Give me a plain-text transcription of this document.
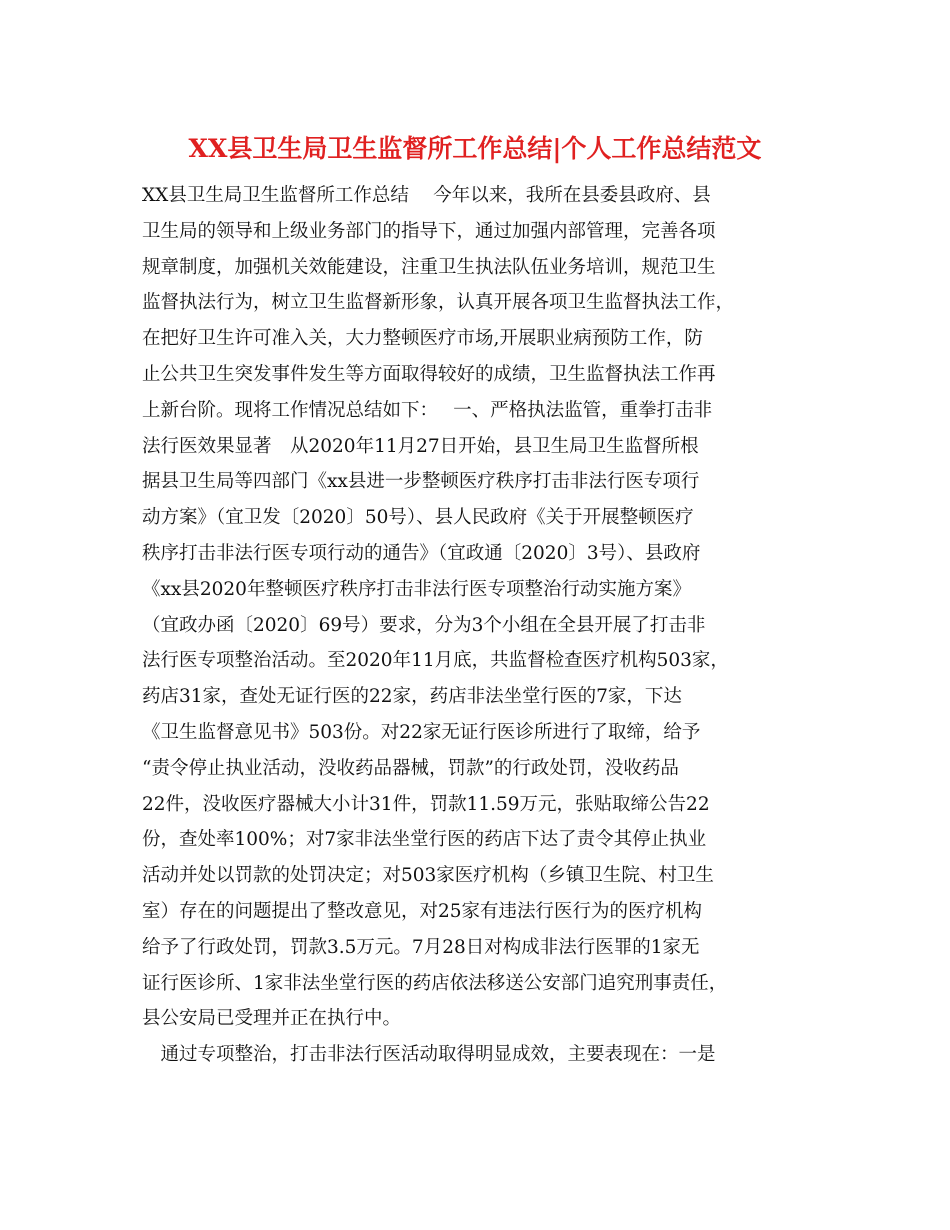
XX县卫生局卫生监督所工作总结|个人工作总结范文
XX县卫生局卫生监督所工作总结　 今年以来，我所在县委县政府、县
卫生局的领导和上级业务部门的指导下，通过加强内部管理，完善各项
规章制度，加强机关效能建设，注重卫生执法队伍业务培训，规范卫生
监督执法行为，树立卫生监督新形象，认真开展各项卫生监督执法工作，
在把好卫生许可准入关，大力整顿医疗市场,开展职业病预防工作，防
止公共卫生突发事件发生等方面取得较好的成绩，卫生监督执法工作再
上新台阶。现将工作情况总结如下：　 一、严格执法监管，重拳打击非
法行医效果显著　从2020年11月27日开始，县卫生局卫生监督所根
据县卫生局等四部门《xx县进一步整顿医疗秩序打击非法行医专项行
动方案》（宜卫发〔2020〕50号）、县人民政府《关于开展整顿医疗
秩序打击非法行医专项行动的通告》（宜政通〔2020〕3号）、县政府
《xx县2020年整顿医疗秩序打击非法行医专项整治行动实施方案》
（宜政办函〔2020〕69号）要求，分为3个小组在全县开展了打击非
法行医专项整治活动。至2020年11月底，共监督检查医疗机构503家，
药店31家，查处无证行医的22家，药店非法坐堂行医的7家，下达
《卫生监督意见书》503份。对22家无证行医诊所进行了取缔，给予
“责令停止执业活动，没收药品器械，罚款”的行政处罚，没收药品
22件，没收医疗器械大小计31件，罚款11.59万元，张贴取缔公告22
份，查处率100%；对7家非法坐堂行医的药店下达了责令其停止执业
活动并处以罚款的处罚决定；对503家医疗机构（乡镇卫生院、村卫生
室）存在的问题提出了整改意见，对25家有违法行医行为的医疗机构
给予了行政处罚，罚款3.5万元。7月28日对构成非法行医罪的1家无
证行医诊所、1家非法坐堂行医的药店依法移送公安部门追究刑事责任，
县公安局已受理并正在执行中。
　通过专项整治，打击非法行医活动取得明显成效，主要表现在：一是
